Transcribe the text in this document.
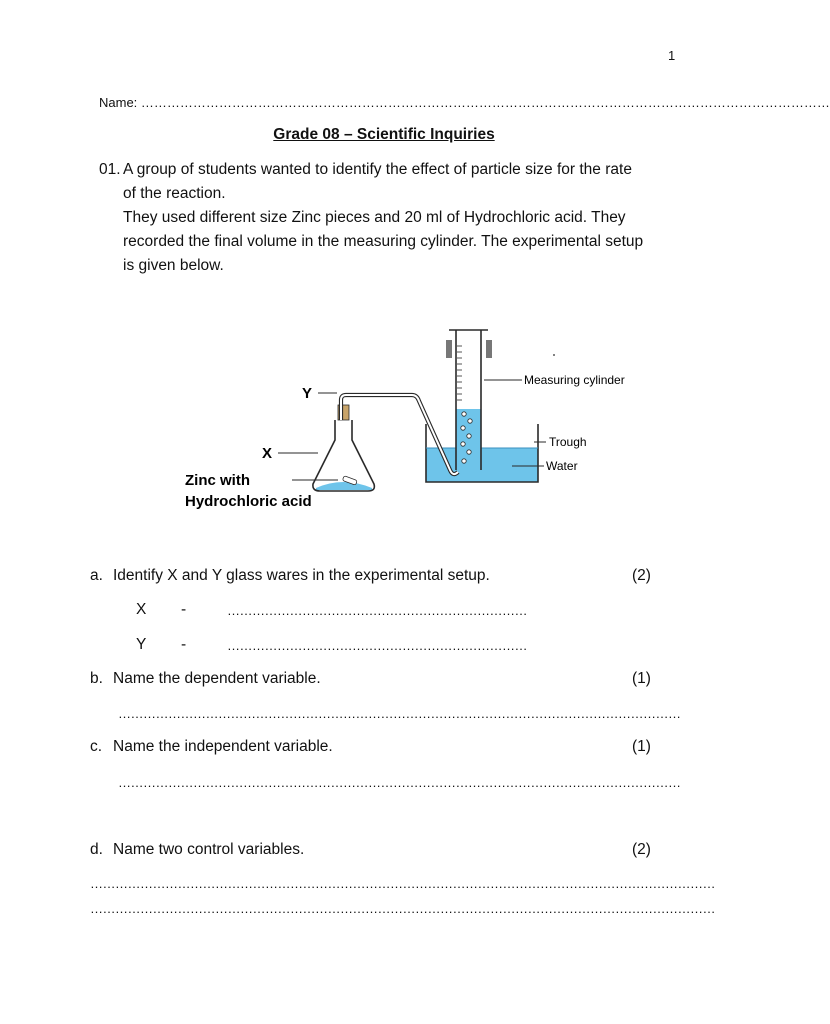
1
Name: ……………………………………………………………………………………………………………………………………………
Grade 08 – Scientific Inquiries
01. A group of students wanted to identify the effect of particle size for the rate
of the reaction.
They used different size Zinc pieces and 20 ml of Hydrochloric acid. They
recorded the final volume in the measuring cylinder. The experimental setup
is given below.
Y
X
Zinc with
Hydrochloric acid
Measuring cylinder
Trough
Water
a. Identify X and Y glass wares in the experimental setup.	(2)
X -	………………………………………………………………
Y -	………………………………………………………………
b. Name the dependent variable.	(1)
………………………………………………………………………………………………………………………
c. Name the independent variable.	(1)
………………………………………………………………………………………………………………………
d. Name two control variables.	(2)
……………………………………………………………………………………………………………………………………
……………………………………………………………………………………………………………………………………
